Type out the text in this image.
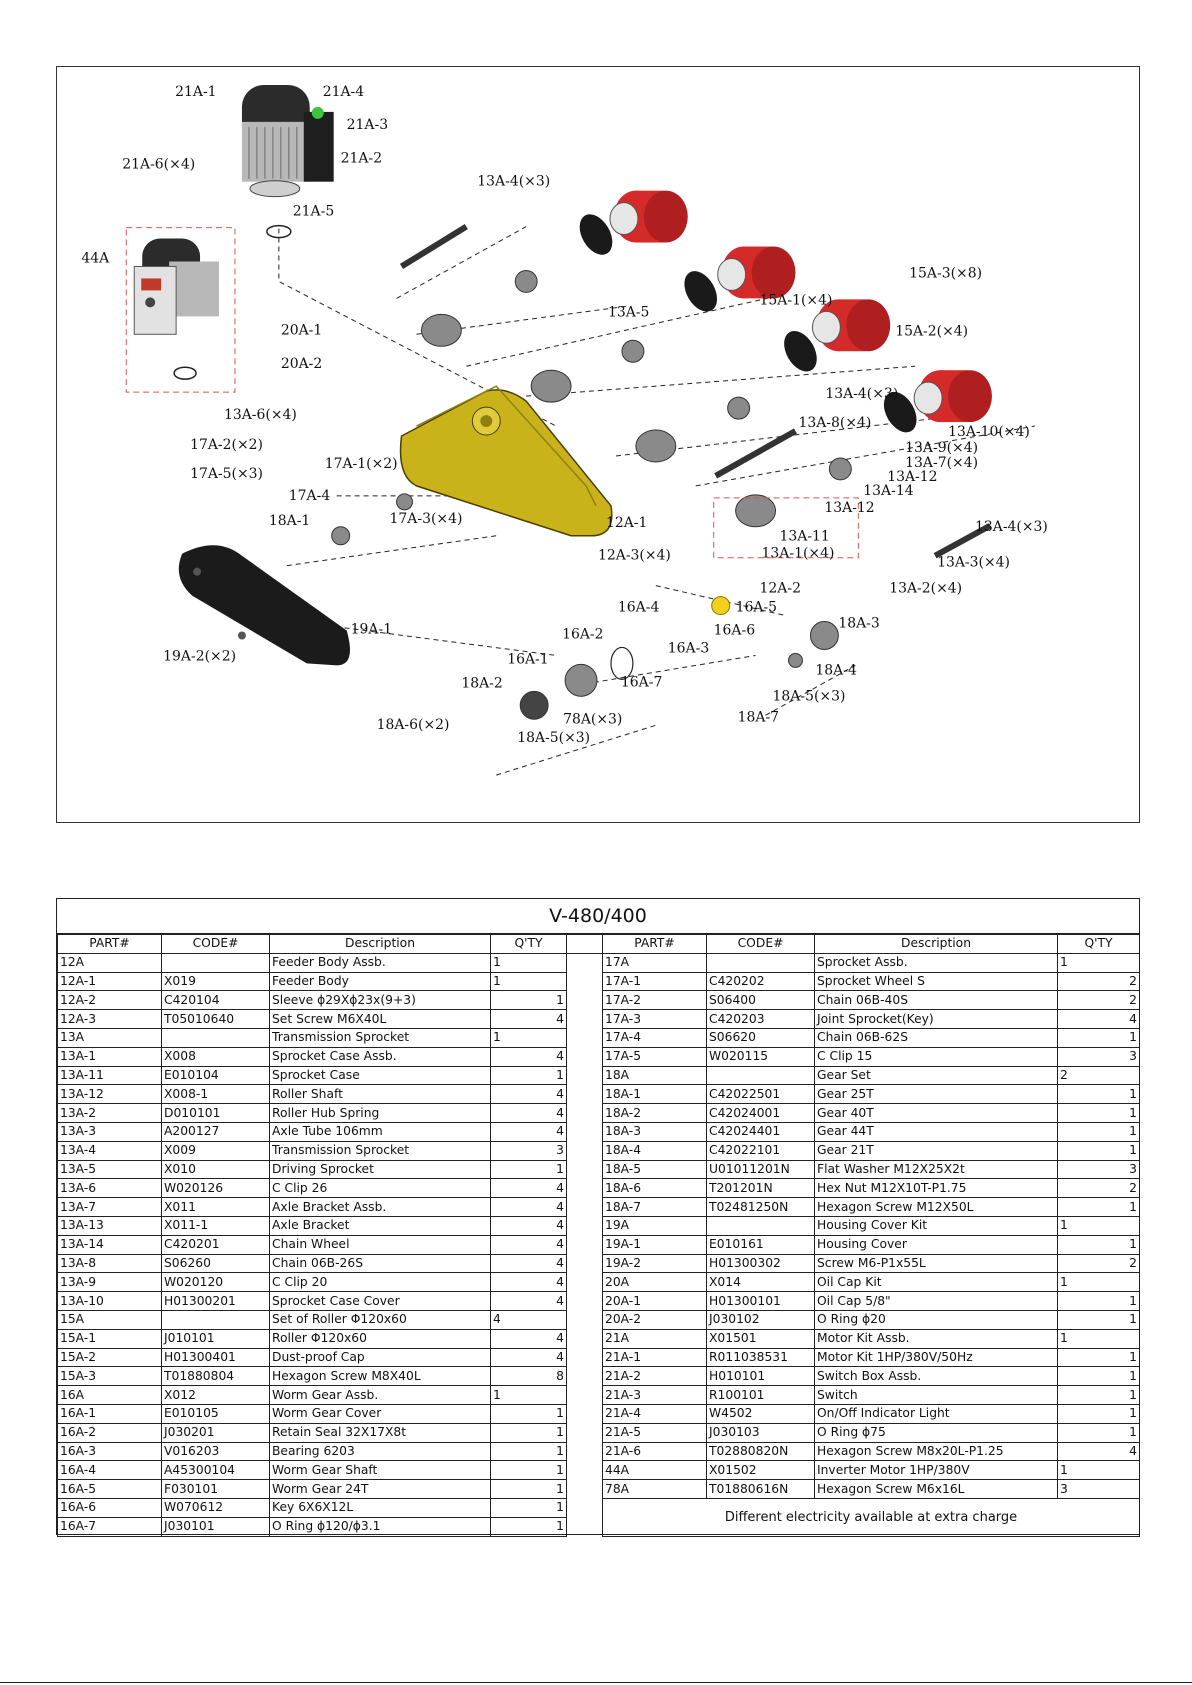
21A-1	21A-4
21A-3
21A-2
21A-6(×4)
21A-5
44A
13A-4(×3)
13A-5
15A-3(×8)
15A-1(×4)
15A-2(×4)
20A-1
20A-2
13A-6(×4)
17A-2(×2)
17A-1(×2)
17A-5(×3)
17A-4
18A-1	17A-3(×4)	12A-1
12A-3(×4)
13A-4(×3)
13A-8(×4)
13A-10(×4)
13A-9(×4)
13A-7(×4)
13A-12
13A-14
13A-12
13A-11
13A-1(×4)
13A-4(×3)
13A-3(×4)
13A-2(×4)
12A-2
16A-4	16A-5
16A-6
16A-2
16A-3
16A-1
16A-7
18A-2
78A(×3)
18A-6(×2)
18A-5(×3)
18A-3
18A-4
18A-5(×3)
18A-7
19A-1
19A-2(×2)
V-480/400
PART#	CODE#	Description	Q'TY		PART#	CODE#	Description	Q'TY
12A		Feeder Body Assb.	1		17A		Sprocket Assb.	1
12A-1	X019	Feeder Body	1		17A-1	C420202	Sprocket Wheel S	2
12A-2	C420104	Sleeve ϕ29Xϕ23x(9+3)	1		17A-2	S06400	Chain 06B-40S	2
12A-3	T05010640	Set Screw M6X40L	4		17A-3	C420203	Joint Sprocket(Key)	4
13A		Transmission Sprocket	1		17A-4	S06620	Chain 06B-62S	1
13A-1	X008	Sprocket Case Assb.	4		17A-5	W020115	C Clip 15	3
13A-11	E010104	Sprocket Case	1		18A		Gear Set	2
13A-12	X008-1	Roller Shaft	4		18A-1	C42022501	Gear 25T	1
13A-2	D010101	Roller Hub Spring	4		18A-2	C42024001	Gear 40T	1
13A-3	A200127	Axle Tube 106mm	4		18A-3	C42024401	Gear 44T	1
13A-4	X009	Transmission Sprocket	3		18A-4	C42022101	Gear 21T	1
13A-5	X010	Driving Sprocket	1		18A-5	U01011201N	Flat Washer M12X25X2t	3
13A-6	W020126	C Clip 26	4		18A-6	T201201N	Hex Nut M12X10T-P1.75	2
13A-7	X011	Axle Bracket Assb.	4		18A-7	T02481250N	Hexagon Screw M12X50L	1
13A-13	X011-1	Axle Bracket	4		19A		Housing Cover Kit	1
13A-14	C420201	Chain Wheel	4		19A-1	E010161	Housing Cover	1
13A-8	S06260	Chain 06B-26S	4		19A-2	H01300302	Screw M6-P1x55L	2
13A-9	W020120	C Clip 20	4		20A	X014	Oil Cap Kit	1
13A-10	H01300201	Sprocket Case Cover	4		20A-1	H01300101	Oil Cap 5/8"	1
15A		Set of Roller Φ120x60	4		20A-2	J030102	O Ring ϕ20	1
15A-1	J010101	Roller Φ120x60	4		21A	X01501	Motor Kit Assb.	1
15A-2	H01300401	Dust-proof Cap	4		21A-1	R011038531	Motor Kit 1HP/380V/50Hz	1
15A-3	T01880804	Hexagon Screw M8X40L	8		21A-2	H010101	Switch Box Assb.	1
16A	X012	Worm Gear Assb.	1		21A-3	R100101	Switch	1
16A-1	E010105	Worm Gear Cover	1		21A-4	W4502	On/Off Indicator Light	1
16A-2	J030201	Retain Seal 32X17X8t	1		21A-5	J030103	O Ring ϕ75	1
16A-3	V016203	Bearing 6203	1		21A-6	T02880820N	Hexagon Screw M8x20L-P1.25	4
16A-4	A45300104	Worm Gear Shaft	1		44A	X01502	Inverter Motor 1HP/380V	1
16A-5	F030101	Worm Gear 24T	1		78A	T01880616N	Hexagon Screw M6x16L	3
16A-6	W070612	Key 6X6X12L	1		Different electricity available at extra charge			
16A-7	J030101	O Ring ϕ120/ϕ3.1	1					
